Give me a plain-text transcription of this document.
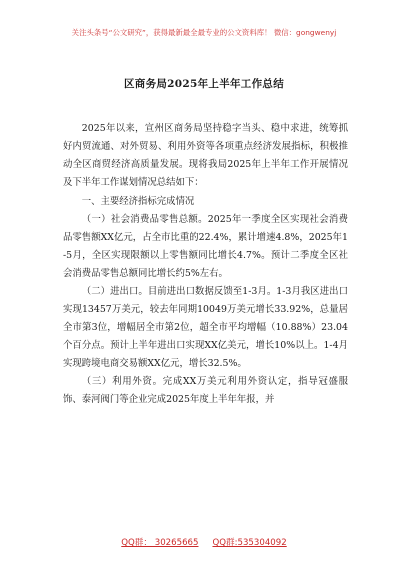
关注头条号“公文研究”，获得最新最全最专业的公文资料库！ 微信：gongwenyj
区商务局2025年上半年工作总结

2025年以来，宣州区商务局坚持稳字当头、稳中求进，统筹抓好内贸流通、对外贸易、利用外资等各项重点经济发展指标，积极推动全区商贸经济高质量发展。现将我局2025年上半年工作开展情况及下半年工作谋划情况总结如下：

一、主要经济指标完成情况

（一）社会消费品零售总额。2025年一季度全区实现社会消费品零售额XX亿元，占全市比重的22.4%，累计增速4.8%，2025年1-5月，全区实现限额以上零售额同比增长4.7%。预计二季度全区社会消费品零售总额同比增长约5%左右。

（二）进出口。目前进出口数据反馈至1-3月。1-3月我区进出口实现13457万美元，较去年同期10049万美元增长33.92%，总量居全市第3位，增幅居全市第2位，超全市平均增幅（10.88%）23.04个百分点。预计上半年进出口实现XX亿美元，增长10%以上。1-4月实现跨境电商交易额XX亿元，增长32.5%。

（三）利用外资。完成XX万美元利用外资认定，指导冠盛服饰、泰河阀门等企业完成2025年度上半年年报，并

QQ群： 30265665 QQ群:535304092
